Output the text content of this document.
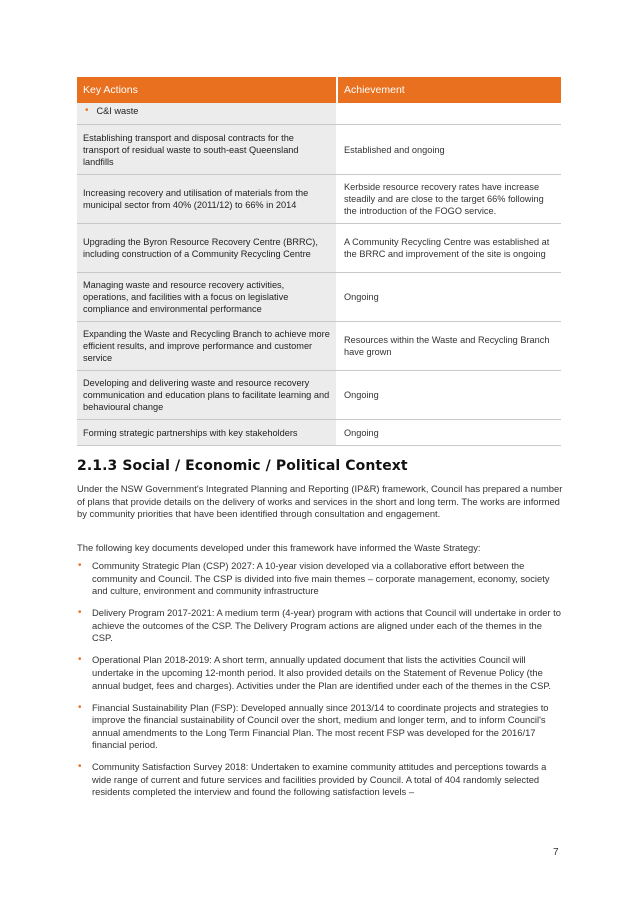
Key Actions	Achievement
• C&I waste
Establishing transport and disposal contracts for the transport of residual waste to south-east Queensland landfills
Established and ongoing
Increasing recovery and utilisation of materials from the municipal sector from 40% (2011/12) to 66% in 2014
Kerbside resource recovery rates have increase steadily and are close to the target 66% following the introduction of the FOGO service.
Upgrading the Byron Resource Recovery Centre (BRRC), including construction of a Community Recycling Centre
A Community Recycling Centre was established at the BRRC and improvement of the site is ongoing
Managing waste and resource recovery activities, operations, and facilities with a focus on legislative compliance and environmental performance
Ongoing
Expanding the Waste and Recycling Branch to achieve more efficient results, and improve performance and customer service
Resources within the Waste and Recycling Branch have grown
Developing and delivering waste and resource recovery communication and education plans to facilitate learning and behavioural change
Ongoing
Forming strategic partnerships with key stakeholders	Ongoing
2.1.3 Social / Economic / Political Context
Under the NSW Government's Integrated Planning and Reporting (IP&R) framework, Council has prepared a number of plans that provide details on the delivery of works and services in the short and long term. The works are informed by community priorities that have been identified through consultation and engagement.
The following key documents developed under this framework have informed the Waste Strategy:
• Community Strategic Plan (CSP) 2027: A 10-year vision developed via a collaborative effort between the community and Council. The CSP is divided into five main themes – corporate management, economy, society and culture, environment and community infrastructure
• Delivery Program 2017-2021: A medium term (4-year) program with actions that Council will undertake in order to achieve the outcomes of the CSP. The Delivery Program actions are aligned under each of the themes in the CSP.
• Operational Plan 2018-2019: A short term, annually updated document that lists the activities Council will undertake in the upcoming 12-month period. It also provided details on the Statement of Revenue Policy (the annual budget, fees and charges). Activities under the Plan are identified under each of the themes in the CSP.
• Financial Sustainability Plan (FSP): Developed annually since 2013/14 to coordinate projects and strategies to improve the financial sustainability of Council over the short, medium and longer term, and to inform Council's annual amendments to the Long Term Financial Plan. The most recent FSP was developed for the 2016/17 financial period.
• Community Satisfaction Survey 2018: Undertaken to examine community attitudes and perceptions towards a wide range of current and future services and facilities provided by Council. A total of 404 randomly selected residents completed the interview and found the following satisfaction levels –
7
